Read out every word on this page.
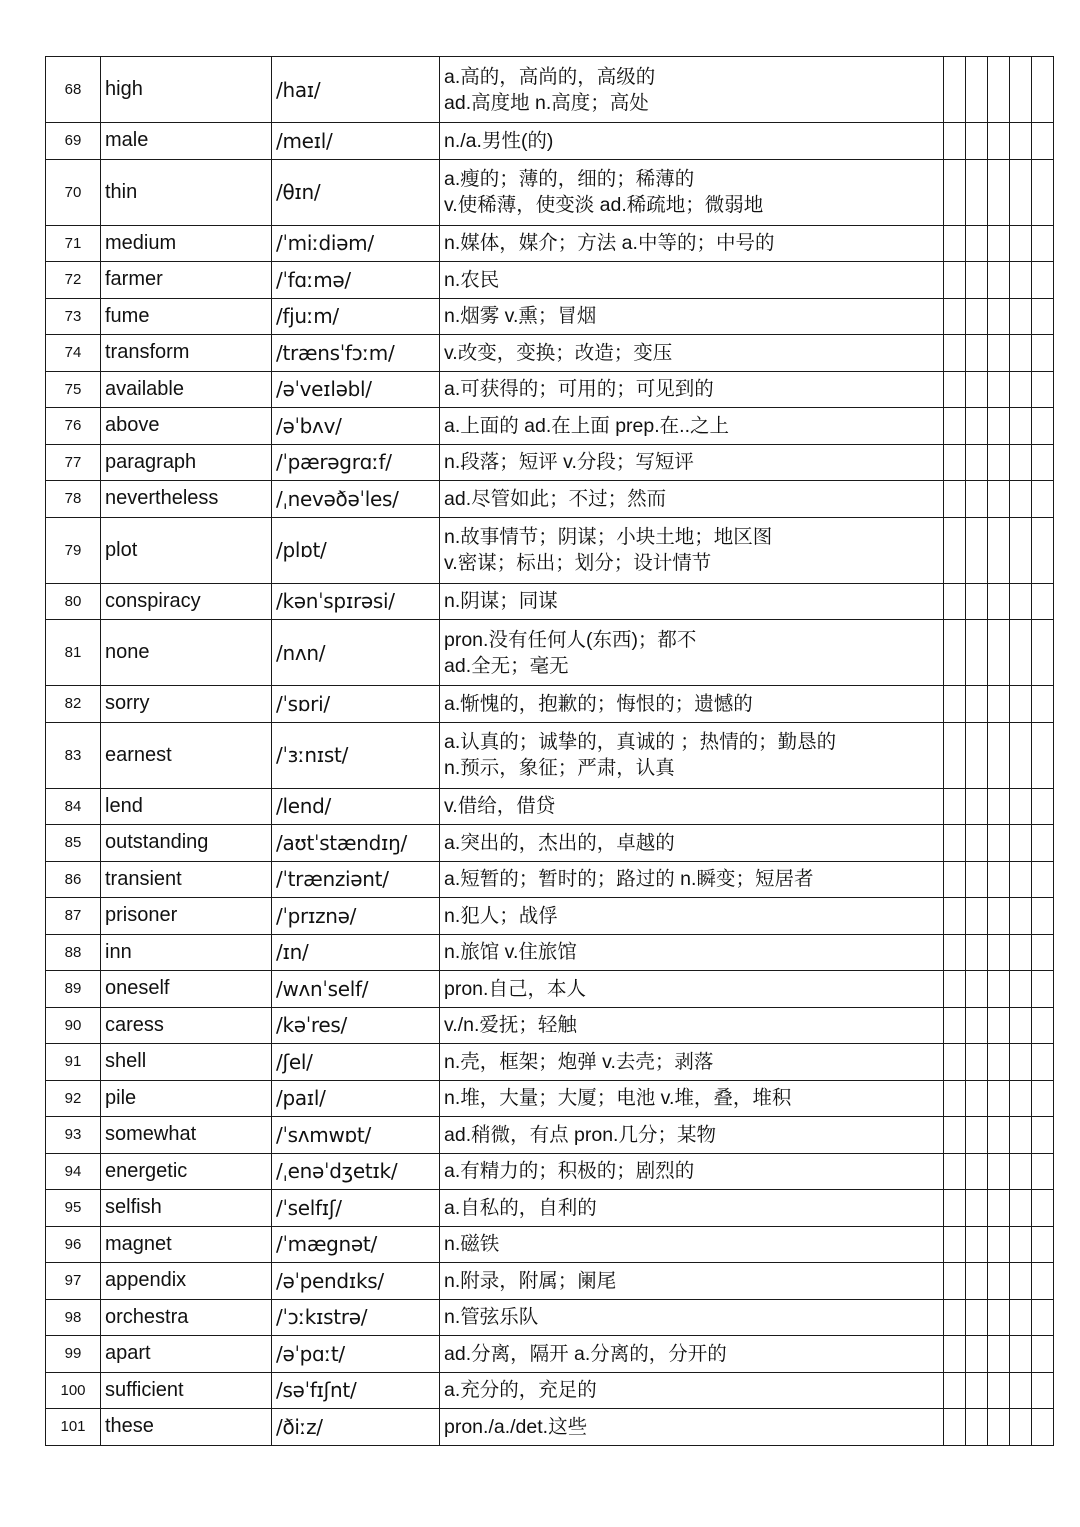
68	high	/haɪ/	a.高的，高尚的，高级的
ad.高度地 n.高度；高处					

69	male	/meɪl/	n./a.男性(的)					

70	thin	/θɪn/	a.瘦的；薄的，细的；稀薄的
v.使稀薄，使变淡 ad.稀疏地；微弱地					

71	medium	/ˈmiːdiəm/	n.媒体，媒介；方法 a.中等的；中号的					

72	farmer	/ˈfɑːmə/	n.农民					

73	fume	/fjuːm/	n.烟雾 v.熏；冒烟					

74	transform	/trænsˈfɔːm/	v.改变，变换；改造；变压					

75	available	/əˈveɪləbl/	a.可获得的；可用的；可见到的					

76	above	/əˈbʌv/	a.上面的 ad.在上面 prep.在..之上					

77	paragraph	/ˈpærəgrɑːf/	n.段落；短评 v.分段；写短评					

78	nevertheless	/ˌnevəðəˈles/	ad.尽管如此；不过；然而					

79	plot	/plɒt/	n.故事情节；阴谋；小块土地；地区图
v.密谋；标出；划分；设计情节					

80	conspiracy	/kənˈspɪrəsi/	n.阴谋；同谋					

81	none	/nʌn/	pron.没有任何人(东西)；都不
ad.全无；毫无					

82	sorry	/ˈsɒri/	a.惭愧的，抱歉的；悔恨的；遗憾的					

83	earnest	/ˈɜːnɪst/	a.认真的；诚挚的，真诚的 ；热情的；勤恳的
n.预示，象征；严肃，认真					

84	lend	/lend/	v.借给，借贷					

85	outstanding	/aʊtˈstændɪŋ/	a.突出的，杰出的，卓越的					

86	transient	/ˈtrænziənt/	a.短暂的；暂时的；路过的 n.瞬变；短居者					

87	prisoner	/ˈprɪznə/	n.犯人；战俘					

88	inn	/ɪn/	n.旅馆 v.住旅馆					

89	oneself	/wʌnˈself/	pron.自己，本人					

90	caress	/kəˈres/	v./n.爱抚；轻触					

91	shell	/ʃel/	n.壳，框架；炮弹 v.去壳；剥落					

92	pile	/paɪl/	n.堆，大量；大厦；电池 v.堆，叠，堆积					

93	somewhat	/ˈsʌmwɒt/	ad.稍微，有点 pron.几分；某物					

94	energetic	/ˌenəˈdʒetɪk/	a.有精力的；积极的；剧烈的					

95	selfish	/ˈselfɪʃ/	a.自私的，自利的					

96	magnet	/ˈmægnət/	n.磁铁					

97	appendix	/əˈpendɪks/	n.附录，附属；阑尾					

98	orchestra	/ˈɔːkɪstrə/	n.管弦乐队					

99	apart	/əˈpɑːt/	ad.分离，隔开 a.分离的，分开的					

100	sufficient	/səˈfɪʃnt/	a.充分的，充足的					

101	these	/ðiːz/	pron./a./det.这些					
